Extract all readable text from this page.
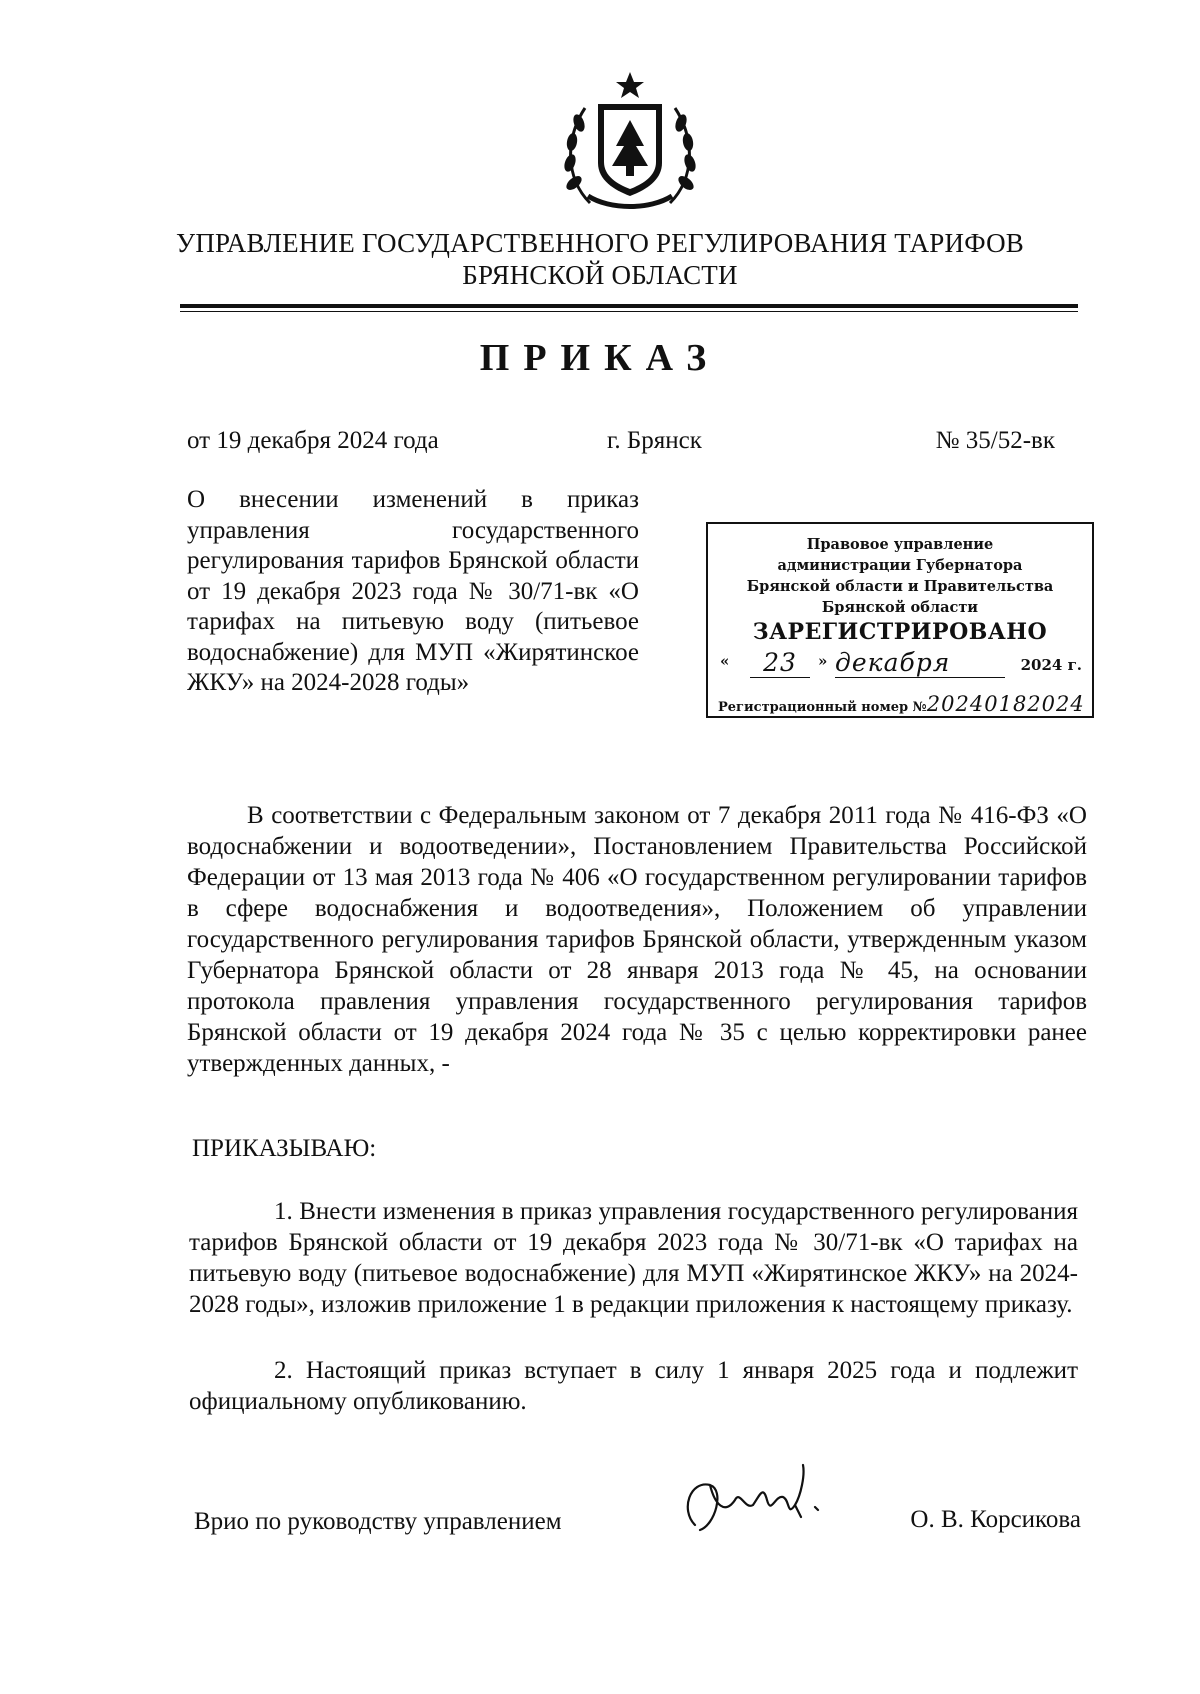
УПРАВЛЕНИЕ ГОСУДАРСТВЕННОГО РЕГУЛИРОВАНИЯ ТАРИФОВ
БРЯНСКОЙ ОБЛАСТИ
ПРИКАЗ
от 19 декабря 2024 года	г. Брянск	№ 35/52-вк
О внесении изменений в приказ управления государственного регулирования тарифов Брянской области от 19 декабря 2023 года № 30/71-вк «О тарифах на питьевую воду (питьевое водоснабжение) для МУП «Жирятинское ЖКУ» на 2024-2028 годы»
Правовое управление
администрации Губернатора
Брянской области и Правительства
Брянской области
ЗАРЕГИСТРИРОВАНО
«	23	» декабря	2024 г.
Регистрационный номер №20240182024
В соответствии с Федеральным законом от 7 декабря 2011 года № 416-ФЗ «О водоснабжении и водоотведении», Постановлением Правительства Российской Федерации от 13 мая 2013 года № 406 «О государственном регулировании тарифов в сфере водоснабжения и водоотведения», Положением об управлении государственного регулирования тарифов Брянской области, утвержденным указом Губернатора Брянской области от 28 января 2013 года № 45, на основании протокола правления управления государственного регулирования тарифов Брянской области от 19 декабря 2024 года № 35 с целью корректировки ранее утвержденных данных, -
ПРИКАЗЫВАЮ:
1. Внести изменения в приказ управления государственного регулирования тарифов Брянской области от 19 декабря 2023 года № 30/71-вк «О тарифах на питьевую воду (питьевое водоснабжение) для МУП «Жирятинское ЖКУ» на 2024-2028 годы», изложив приложение 1 в редакции приложения к настоящему приказу.
2. Настоящий приказ вступает в силу 1 января 2025 года и подлежит официальному опубликованию.
Врио по руководству управлением	О. В. Корсикова
